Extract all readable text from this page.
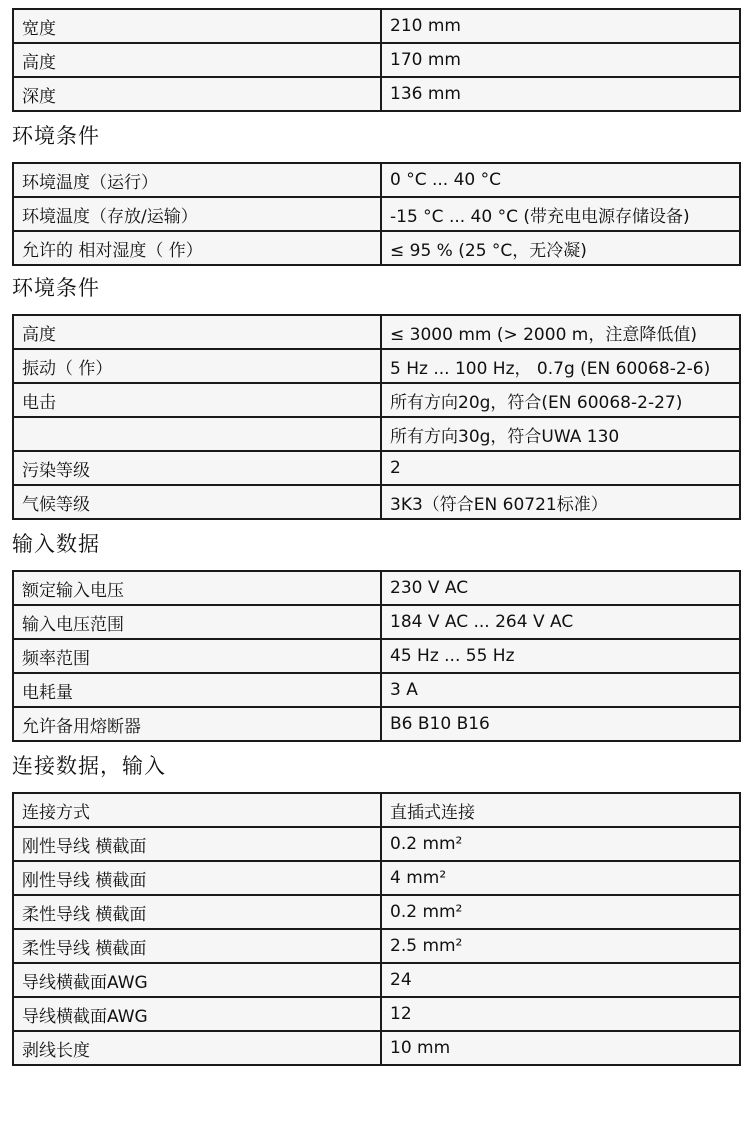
宽度	210 mm
高度	170 mm
深度	136 mm
环境条件
环境温度（运行）	0 °C ... 40 °C
环境温度（存放/运输）	-15 °C ... 40 °C (带充电电源存储设备)
允许的 相对湿度（ 作）	≤ 95 % (25 °C，无冷凝)
环境条件
高度	≤ 3000 mm (> 2000 m，注意降低值)
振动（ 作）	5 Hz ... 100 Hz， 0.7g (EN 60068-2-6)
电击	所有方向20g，符合(EN 60068-2-27)
	所有方向30g，符合UWA 130
污染等级	2
气候等级	3K3（符合EN 60721标准）
输入数据
额定输入电压	230 V AC
输入电压范围	184 V AC ... 264 V AC
频率范围	45 Hz ... 55 Hz
电耗量	3 A
允许备用熔断器	B6 B10 B16
连接数据，输入
连接方式	直插式连接
刚性导线 横截面	0.2 mm²
刚性导线 横截面	4 mm²
柔性导线 横截面	0.2 mm²
柔性导线 横截面	2.5 mm²
导线横截面AWG	24
导线横截面AWG	12
剥线长度	10 mm
